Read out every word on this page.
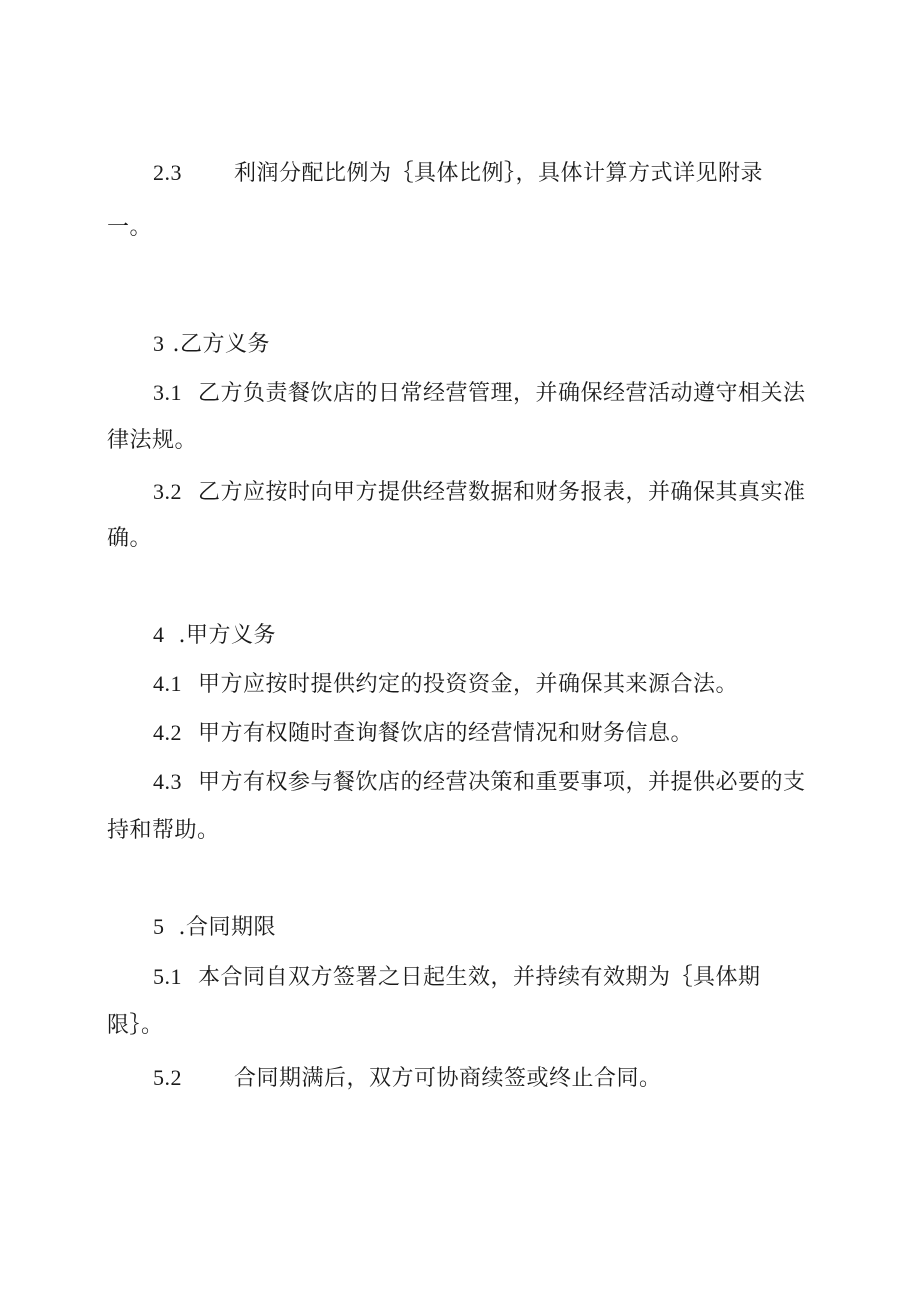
2.3 利润分配比例为｛具体比例｝，具体计算方式详见附录
一。
3 .乙方义务
3.1 乙方负责餐饮店的日常经营管理，并确保经营活动遵守相关法
律法规。
3.2 乙方应按时向甲方提供经营数据和财务报表，并确保其真实准
确。
4 .甲方义务
4.1 甲方应按时提供约定的投资资金，并确保其来源合法。
4.2 甲方有权随时查询餐饮店的经营情况和财务信息。
4.3 甲方有权参与餐饮店的经营决策和重要事项，并提供必要的支
持和帮助。
5 .合同期限
5.1 本合同自双方签署之日起生效，并持续有效期为｛具体期
限｝。
5.2 合同期满后，双方可协商续签或终止合同。
